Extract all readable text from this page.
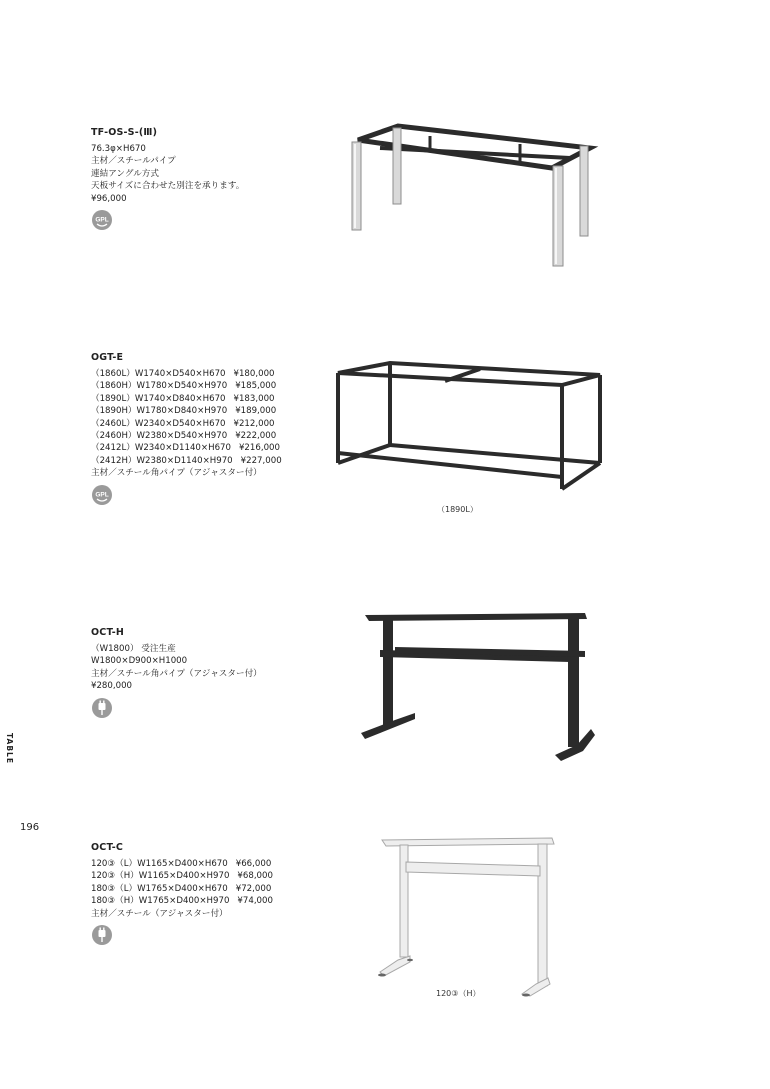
TF-OS-S-(Ⅲ)
76.3φ×H670
主材／スチールパイプ
連結アングル方式
天板サイズに合わせた別注を承ります。
¥96,000
GPL
OGT-E
（1860L）W1740×D540×H670 ¥180,000
（1860H）W1780×D540×H970 ¥185,000
（1890L）W1740×D840×H670 ¥183,000
（1890H）W1780×D840×H970 ¥189,000
（2460L）W2340×D540×H670 ¥212,000
（2460H）W2380×D540×H970 ¥222,000
（2412L）W2340×D1140×H670 ¥216,000
（2412H）W2380×D1140×H970 ¥227,000
主材／スチール角パイプ（アジャスター付）
GPL
（1890L）
OCT-H
（W1800） 受注生産
W1800×D900×H1000
主材／スチール角パイプ（アジャスター付）
¥280,000
TABLE
196
OCT-C
120③（L）W1165×D400×H670 ¥66,000
120③（H）W1165×D400×H970 ¥68,000
180③（L）W1765×D400×H670 ¥72,000
180③（H）W1765×D400×H970 ¥74,000
主材／スチール（アジャスター付）
120③（H）
